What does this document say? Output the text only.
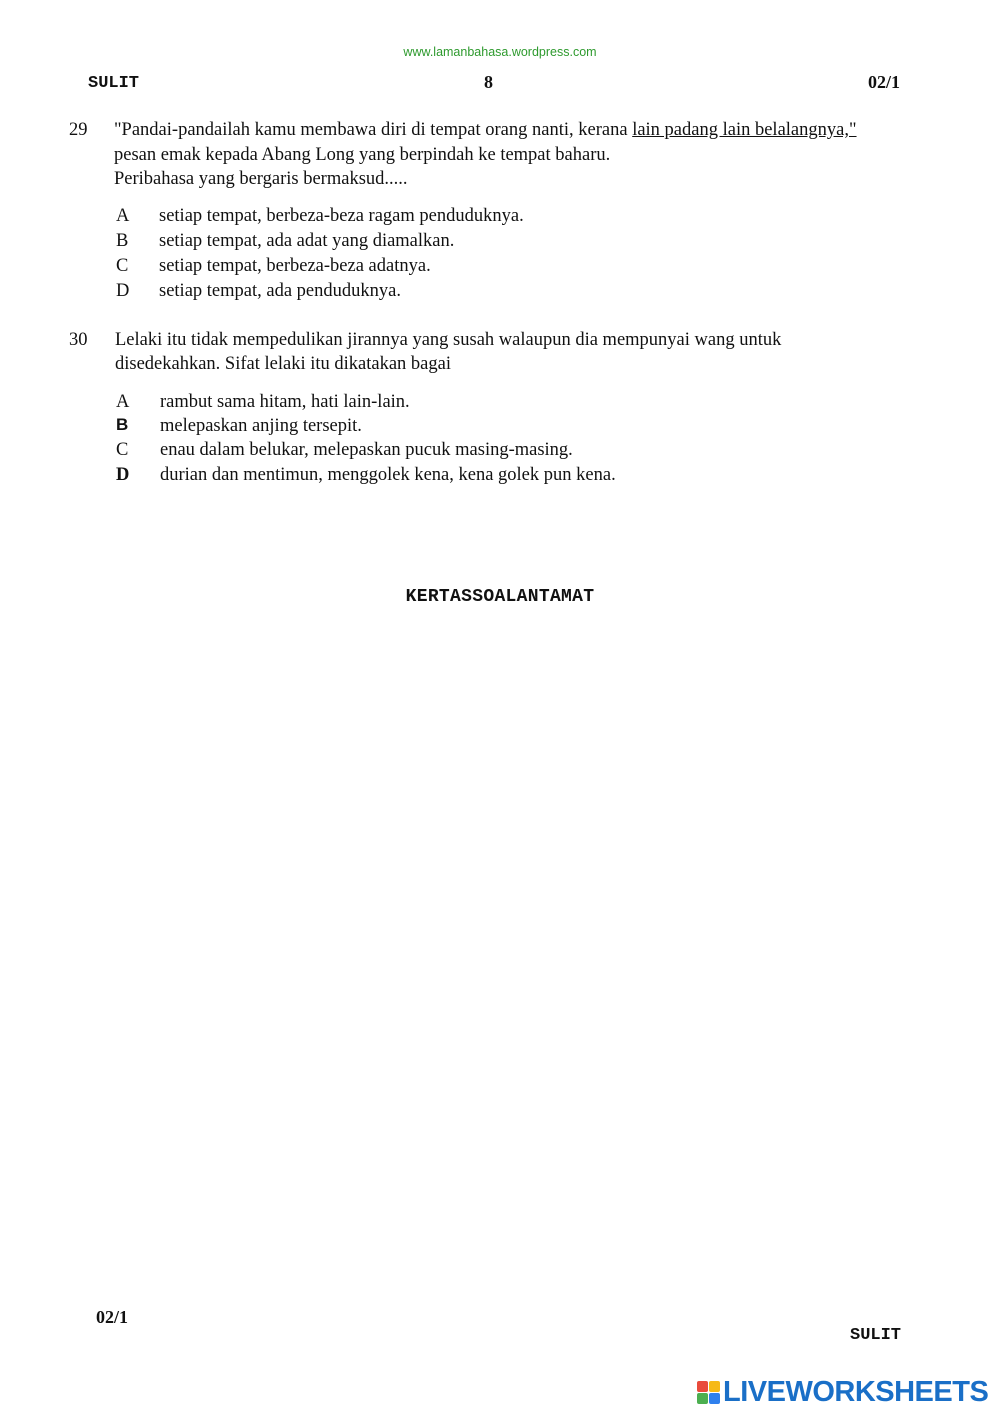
www.lamanbahasa.wordpress.com
SULIT	8	02/1
29 "Pandai-pandailah kamu membawa diri di tempat orang nanti, kerana lain padang lain belalangnya,"
pesan emak kepada Abang Long yang berpindah ke tempat baharu.
Peribahasa yang bergaris bermaksud.....
A setiap tempat, berbeza-beza ragam penduduknya.
B setiap tempat, ada adat yang diamalkan.
C setiap tempat, berbeza-beza adatnya.
D setiap tempat, ada penduduknya.
30 Lelaki itu tidak mempedulikan jirannya yang susah walaupun dia mempunyai wang untuk
disedekahkan. Sifat lelaki itu dikatakan bagai
A rambut sama hitam, hati lain-lain.
B melepaskan anjing tersepit.
C enau dalam belukar, melepaskan pucuk masing-masing.
D durian dan mentimun, menggolek kena, kena golek pun kena.
KERTASSOALANTAMAT
02/1
SULIT
LIVEWORKSHEETS
